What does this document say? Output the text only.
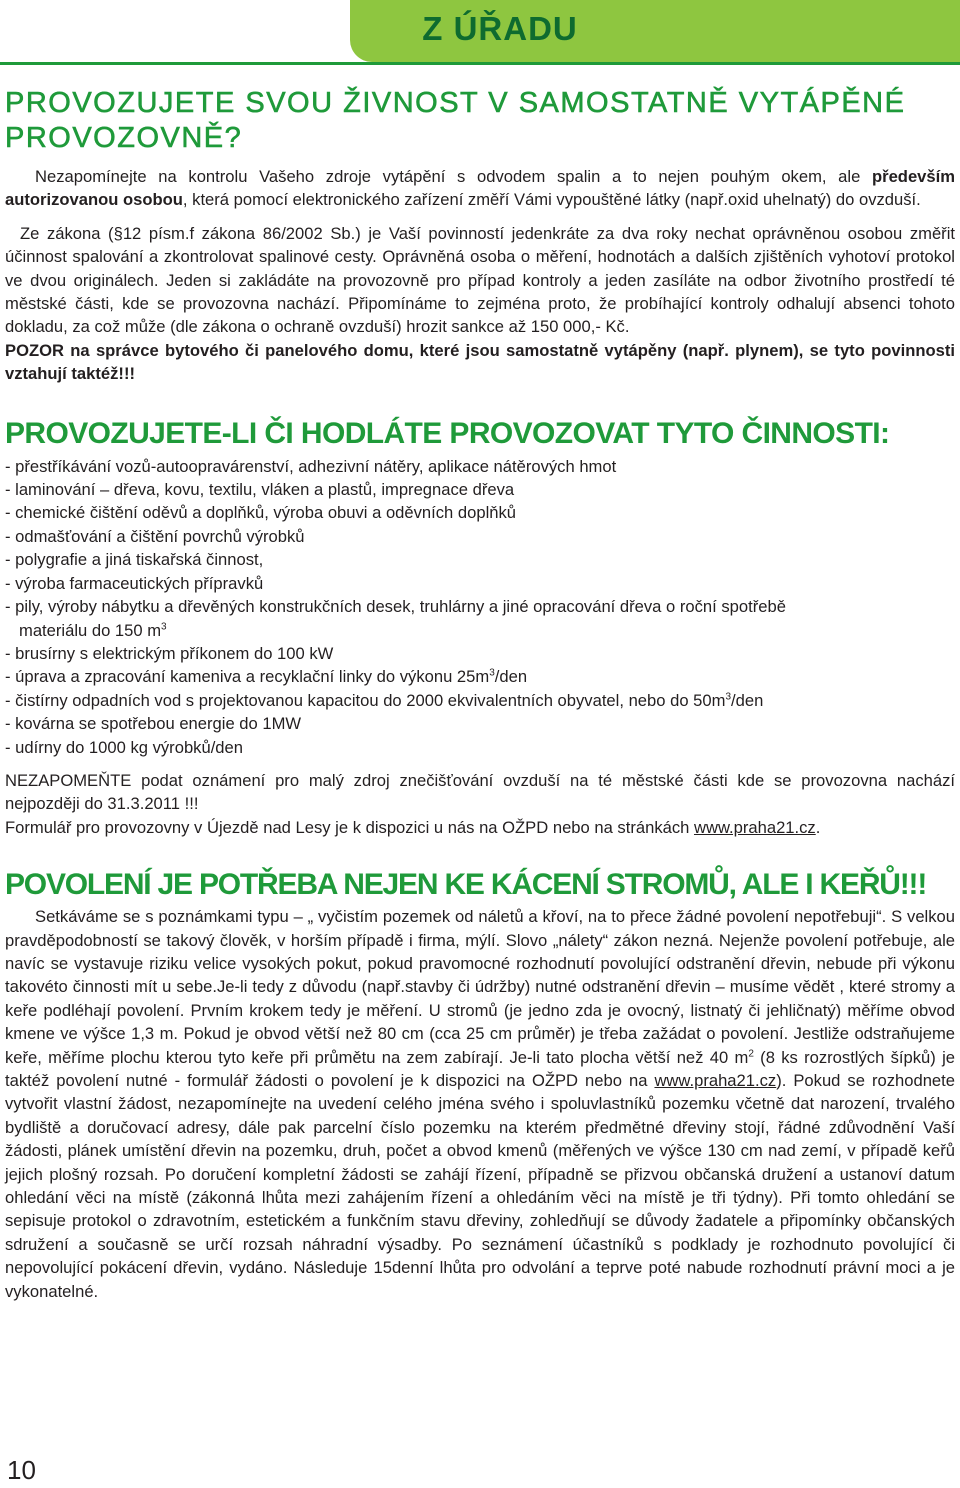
Z ÚŘADU
PROVOZUJETE SVOU ŽIVNOST V SAMOSTATNĚ VYTÁPĚNÉ PROVOZOVNĚ?

Nezapomínejte na kontrolu Vašeho zdroje vytápění s odvodem spalin a to nejen pouhým okem, ale především autorizovanou osobou, která pomocí elektronického zařízení změří Vámi vypouštěné látky (např.oxid uhelnatý) do ovzduší.

Ze zákona (§12 písm.f zákona 86/2002 Sb.) je Vaší povinností jedenkráte za dva roky nechat oprávněnou osobou změřit účinnost spalování a zkontrolovat spalinové cesty. Oprávněná osoba o měření, hodnotách a dalších zjištěních vyhotoví protokol ve dvou originálech. Jeden si zakládáte na provozovně pro případ kontroly a jeden zasíláte na odbor životního prostředí té městské části, kde se provozovna nachází. Připomínáme to zejména proto, že probíhající kontroly odhalují absenci tohoto dokladu, za což může (dle zákona o ochraně ovzduší) hrozit sankce až 150 000,- Kč.

POZOR na správce bytového či panelového domu, které jsou samostatně vytápěny (např. plynem), se tyto povinnosti vztahují taktéž!!!

PROVOZUJETE-LI ČI HODLÁTE PROVOZOVAT TYTO ČINNOSTI:
- přestříkávání vozů-autoopravárenství, adhezivní nátěry, aplikace nátěrových hmot
- laminování – dřeva, kovu, textilu, vláken a plastů, impregnace dřeva
- chemické čištění oděvů a doplňků, výroba obuvi a oděvních doplňků
- odmašťování a čištění povrchů výrobků
- polygrafie a jiná tiskařská činnost,
- výroba farmaceutických přípravků
- pily, výroby nábytku a dřevěných konstrukčních desek, truhlárny a jiné opracování dřeva o roční spotřebě
materiálu do 150 $m^3$
- brusírny s elektrickým příkonem do 100 kW
- úprava a zpracování kameniva a recyklační linky do výkonu $25m^3$/den
- čistírny odpadních vod s projektovanou kapacitou do 2000 ekvivalentních obyvatel, nebo do $50m^3$/den
- kovárna se spotřebou energie do 1MW
- udírny do 1000 kg výrobků/den

NEZAPOMEŇTE podat oznámení pro malý zdroj znečišťování ovzduší na té městské části kde se provozovna nachází nejpozději do 31.3.2011 !!!

Formulář pro provozovny v Újezdě nad Lesy je k dispozici u nás na OŽPD nebo na stránkách www.praha21.cz.

POVOLENÍ JE POTŘEBA NEJEN KE KÁCENÍ STROMŮ, ALE I KEŘŮ!!!

Setkáváme se s poznámkami typu – „ vyčistím pozemek od náletů a křoví, na to přece žádné povolení nepotřebuji“. S velkou pravděpodobností se takový člověk, v horším případě i firma, mýlí. Slovo „nálety“ zákon nezná. Nejenže povolení potřebuje, ale navíc se vystavuje riziku velice vysokých pokut, pokud pravomocné rozhodnutí povolující odstranění dřevin, nebude při výkonu takovéto činnosti mít u sebe.Je-li tedy z důvodu (např.stavby či údržby) nutné odstranění dřevin – musíme vědět , které stromy a keře podléhají povolení. Prvním krokem tedy je měření. U stromů (je jedno zda je ovocný, listnatý či jehličnatý) měříme obvod kmene ve výšce 1,3 m. Pokud je obvod větší než 80 cm (cca 25 cm průměr) je třeba zažádat o povolení. Jestliže odstraňujeme keře, měříme plochu kterou tyto keře při průmětu na zem zabírají. Je-li tato plocha větší než 40 $m^2$ (8 ks rozrostlých šípků) je taktéž povolení nutné - formulář žádosti o povolení je k dispozici na OŽPD nebo na www.praha21.cz). Pokud se rozhodnete vytvořit vlastní žádost, nezapomínejte na uvedení celého jména svého i spoluvlastníků pozemku včetně dat narození, trvalého bydliště a doručovací adresy, dále pak parcelní číslo pozemku na kterém předmětné dřeviny stojí, řádné zdůvodnění Vaší žádosti, plánek umístění dřevin na pozemku, druh, počet a obvod kmenů (měřených ve výšce 130 cm nad zemí, v případě keřů jejich plošný rozsah. Po doručení kompletní žádosti se zahájí řízení, případně se přizvou občanská družení a ustanoví datum ohledání věci na místě (zákonná lhůta mezi zahájením řízení a ohledáním věci na místě je tři týdny). Při tomto ohledání se sepisuje protokol o zdravotním, estetickém a funkčním stavu dřeviny, zohledňují se důvody žadatele a připomínky občanských sdružení a současně se určí rozsah náhradní výsadby. Po seznámení účastníků s podklady je rozhodnuto povolující či nepovolující pokácení dřevin, vydáno. Následuje 15denní lhůta pro odvolání a teprve poté nabude rozhodnutí právní moci a je vykonatelné.

10
